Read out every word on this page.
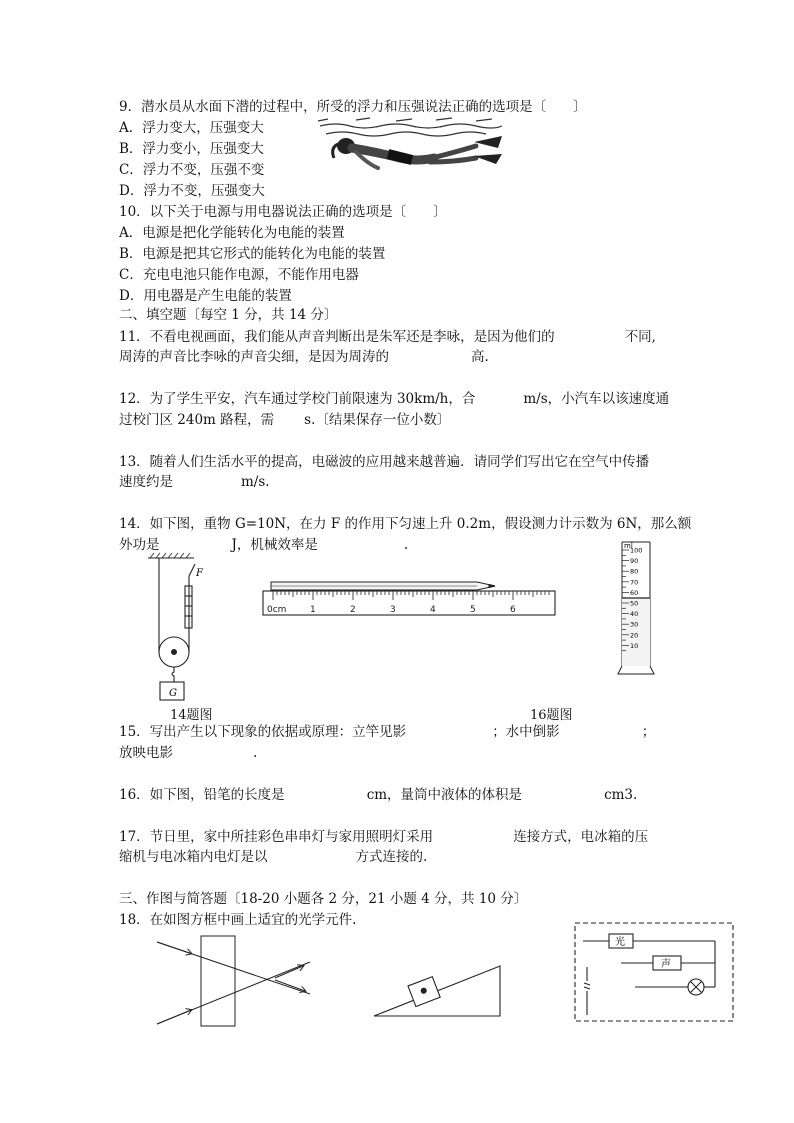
9．潜水员从水面下潜的过程中，所受的浮力和压强说法正确的选项是〔　　〕
A．浮力变大，压强变大
B．浮力变小，压强变大
C．浮力不变，压强不变
D．浮力不变，压强变大
10．以下关于电源与用电器说法正确的选项是〔　　〕
A．电源是把化学能转化为电能的装置
B．电源是把其它形式的能转化为电能的装置
C．充电电池只能作电源，不能作用电器
D．用电器是产生电能的装置
二、填空题〔每空 1 分，共 14 分〕
11．不看电视画面，我们能从声音判断出是朱军还是李咏，是因为他们的	不同,
周涛的声音比李咏的声音尖细，是因为周涛的	高.
12．为了学生平安，汽车通过学校门前限速为 30km/h，合	m/s，小汽车以该速度通
过校门区 240m 路程，需 s.〔结果保存一位小数〕
13．随着人们生活水平的提高，电磁波的应用越来越普遍．请同学们写出它在空气中传播
速度约是	m/s.
14．如下图，重物 G=10N，在力 F 的作用下匀速上升 0.2m，假设测力计示数为 6N，那么额
外功是	J，机械效率是	.
F
G
0cm	1	2	3	4	5	6
ml
100
90
80
70
60
50
40
30
20
10
14题图	16题图
15．写出产生以下现象的依据或原理：立竿见影	；水中倒影	；
放映电影	.
16．如下图，铅笔的长度是	cm，量筒中液体的体积是	cm3.
17．节日里，家中所挂彩色串串灯与家用照明灯采用	连接方式，电冰箱的压
缩机与电冰箱内电灯是以	方式连接的.
三、作图与简答题〔18-20 小题各 2 分，21 小题 4 分，共 10 分〕
18．在如图方框中画上适宜的光学元件.
光
声
